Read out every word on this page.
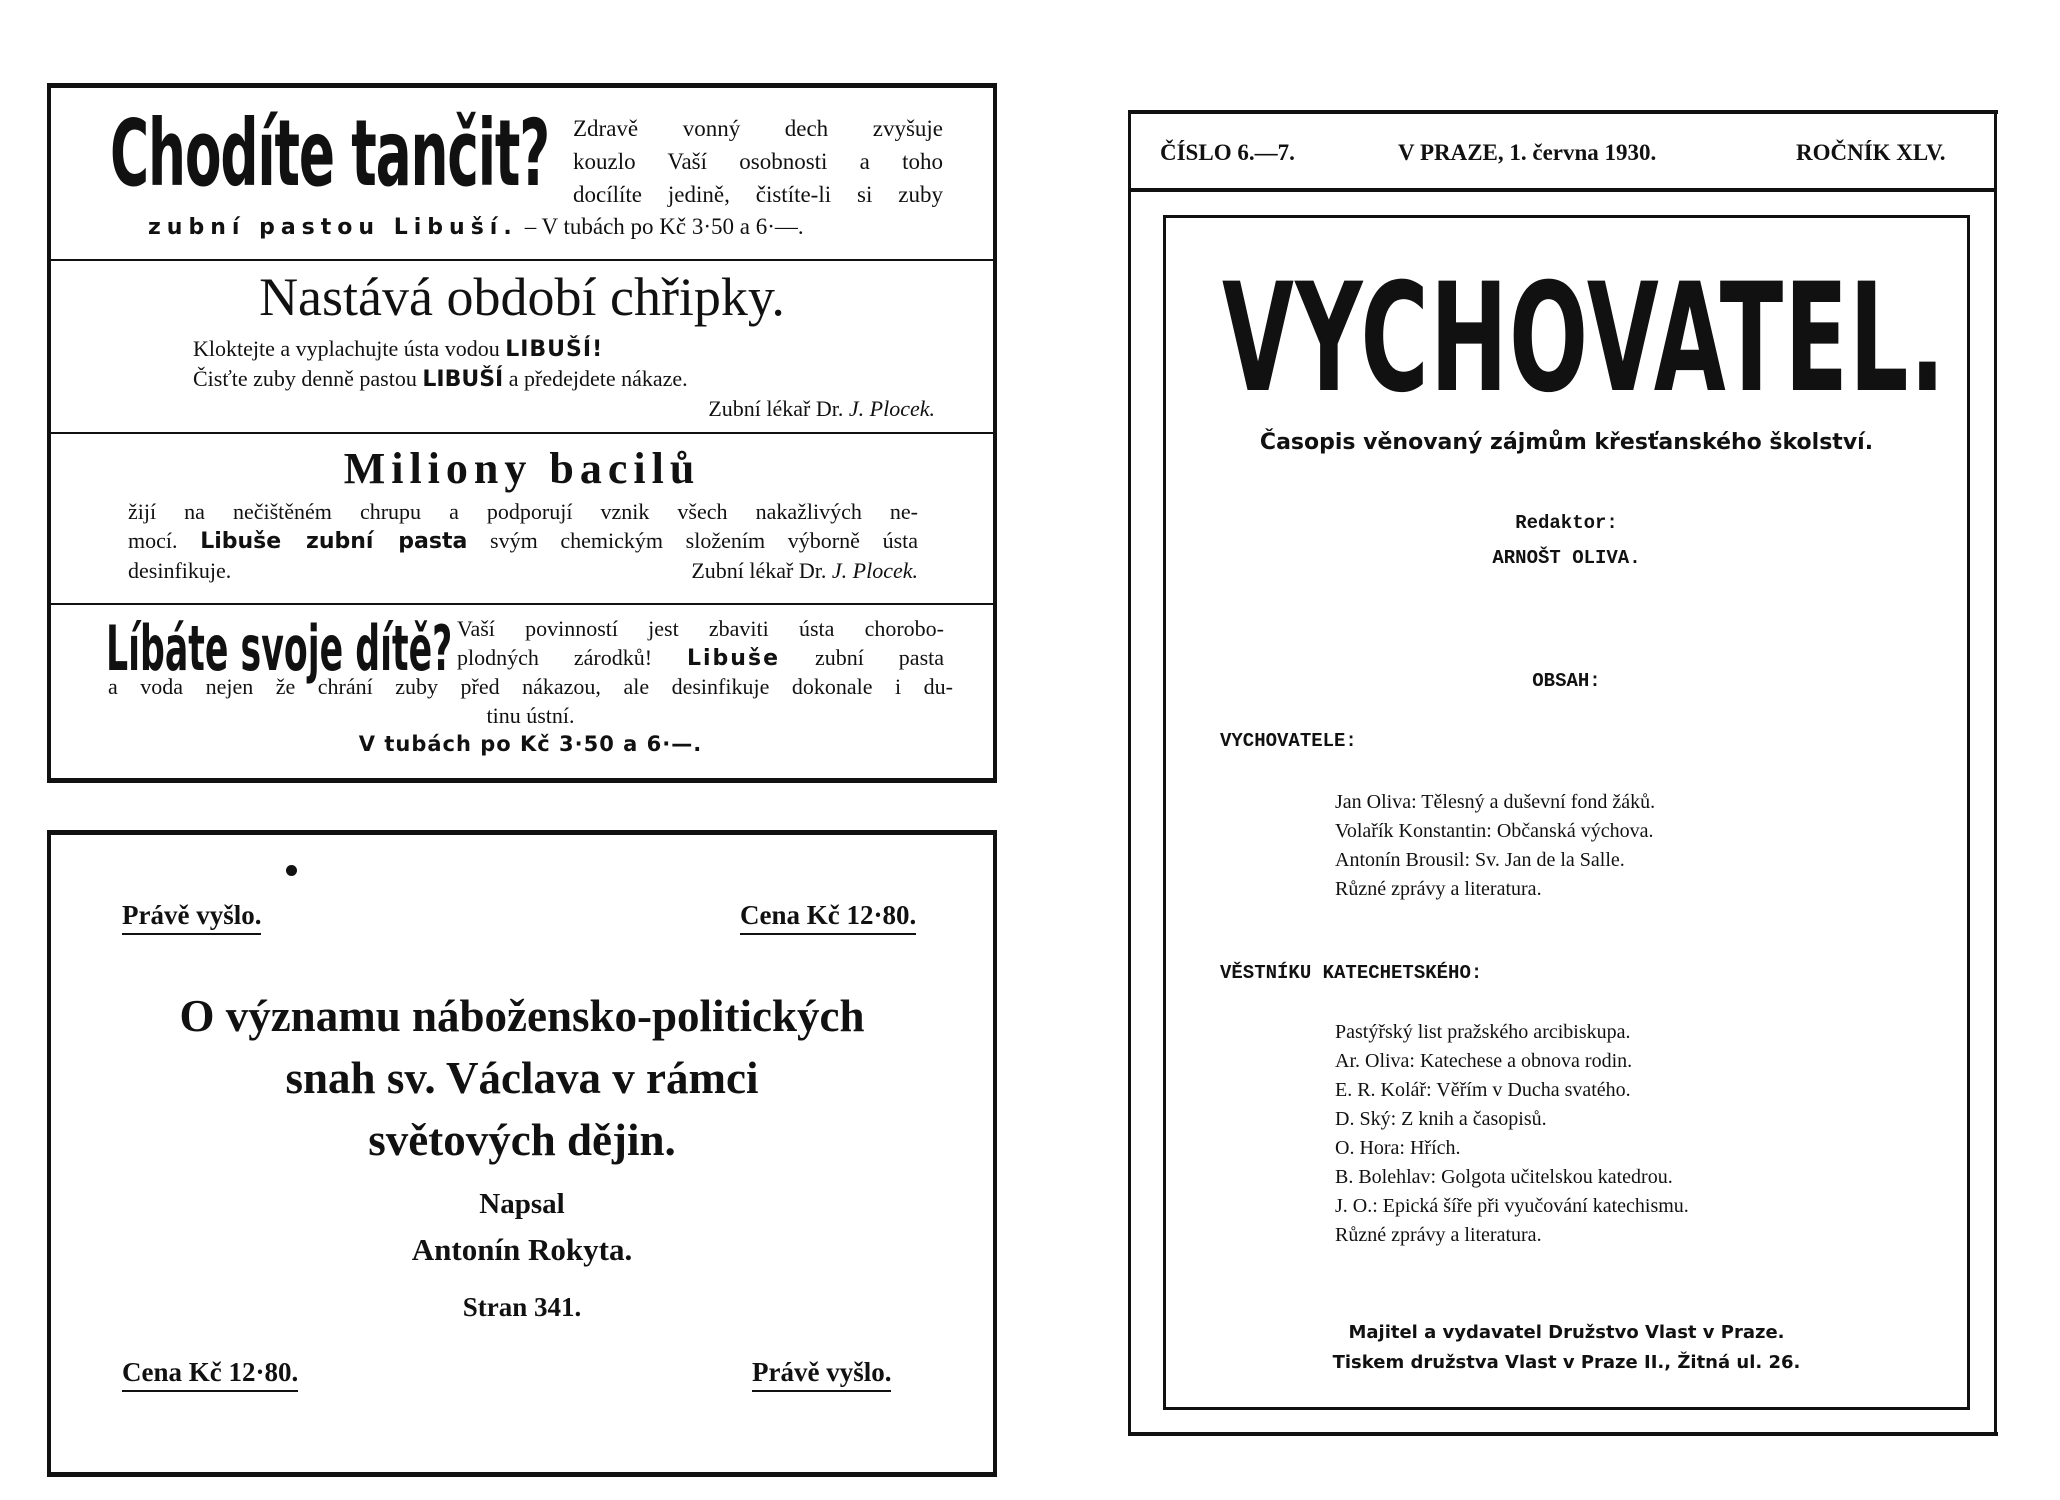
Chodíte tančit?	Zdravě vonný dech zvyšuje

kouzlo Vaší osobnosti a toho

docílíte jedině, čistíte-li si zuby

zubní pastou Libuší. – V tubách po Kč 3·50 a 6·—.
Nastává období chřipky.

Kloktejte a vyplachujte ústa vodou LIBUŠÍ!

Čisťte zuby denně pastou LIBUŠÍ a předejdete nákaze.

Zubní lékař Dr. J. Plocek.

Miliony bacilů

žijí na nečištěném chrupu a podporují vznik všech nakažlivých ne-

mocí. Libuše zubní pasta svým chemickým složením výborně ústa

desinfikuje.	Zubní lékař Dr. J. Plocek.

Líbáte svoje dítě? Vaší povinností jest zbaviti ústa chorobo-

plodných zárodků! Libuše zubní pasta

a voda nejen že chrání zuby před nákazou, ale desinfikuje dokonale i du-

tinu ústní.

V tubách po Kč 3·50 a 6·—.

Právě vyšlo.	Cena Kč 12·80.

O významu nábožensko-politických

snah sv. Václava v rámci

světových dějin.

Napsal
Antonín Rokyta.
Stran 341.
Cena Kč 12·80.	Právě vyšlo.
ČÍSLO 6.—7.	V PRAZE, 1. června 1930.	ROČNÍK XLV.
VYCHOVATEL.
Časopis věnovaný zájmům křesťanského školství.
Redaktor:
ARNOŠT OLIVA.
OBSAH:
VYCHOVATELE:

Jan Oliva: Tělesný a duševní fond žáků.

Volařík Konstantin: Občanská výchova.

Antonín Brousil: Sv. Jan de la Salle.

Různé zprávy a literatura.

VĚSTNÍKU KATECHETSKÉHO:

Pastýřský list pražského arcibiskupa.

Ar. Oliva: Katechese a obnova rodin.

E. R. Kolář: Věřím v Ducha svatého.

D. Ský: Z knih a časopisů.

O. Hora: Hřích.

B. Bolehlav: Golgota učitelskou katedrou.

J. O.: Epická šíře při vyučování katechismu.

Různé zprávy a literatura.

Majitel a vydavatel Družstvo Vlast v Praze.

Tiskem družstva Vlast v Praze II., Žitná ul. 26.
